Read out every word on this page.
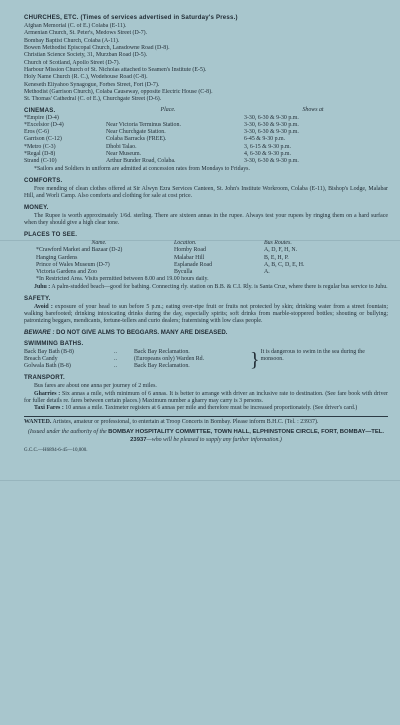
CHURCHES, ETC. (Times of services advertised in Saturday's Press.)
Afghan Memorial (C. of E.) Colaba (E-11).
Armenian Church, St. Peter's, Medows Street (D-7).
Bombay Baptist Church, Colaba (A-11).
Bowen Methodist Episcopal Church, Lansdowne Road (D-8).
Christian Science Society, 31, Murzban Road (D-5).
Church of Scotland, Apollo Street (D-7).
Harbour Mission Church of St. Nicholas attached to Seamen's Institute (E-5).
Holy Name Church (R. C.), Wodehouse Road (C-8).
Keneseth Eliyahoo Synagogue, Forbes Street, Fort (D-7).
Methodist (Garrison Church), Colaba Causeway, opposite Electric House (C-8).
St. Thomas' Cathedral (C. of E.), Churchgate Street (D-6).
CINEMAS.	Place.	Shows at
*Empire (D-4)		3-30, 6-30 & 9-30 p.m.
*Excelsior (D-4)	Near Victoria Terminus Station.	3-30, 6-30 & 9-30 p.m.
Eros (C-6)	Near Churchgate Station.	3-30, 6-30 & 9-30 p.m.
Garrison (C-12)	Colaba Barracks (FREE).	6-45 & 9-30 p.m.
*Metro (C-3)	Dhobi Talao.	3, 6-15 & 9-30 p.m.
*Regal (D-8)	Near Museum.	4, 6-30 & 9-30 p.m.
Strand (C-10)	Arthur Bunder Road, Colaba.	3-30, 6-30 & 9-30 p.m.

*Sailors and Soldiers in uniform are admitted at concession rates from Mondays to Fridays.

COMFORTS.

Free mending of clean clothes offered at Sir Alwyn Ezra Services Canteen, St. John's Institute Workroom, Colaba (E-11), Bishop's Lodge, Malabar Hill, and Worli Camp. Also comforts and clothing for sale at cost price.

MONEY.

The Rupee is worth approximately 1/6d. sterling. There are sixteen annas in the rupee. Always test your rupees by ringing them on a hard surface when they should give a high clear tone.

PLACES TO SEE.
Name.	Location.	Bus Routes.
*Crawford Market and Bazaar (D-2)	Hornby Road	A, D, F, H, N.
Hanging Gardens	Malabar Hill	B, E, H, P.
Prince of Wales Museum (D-7)	Esplanade Road	A, B, C, D, E, H.
Victoria Gardens and Zoo	Byculla	A.
*In Restricted Area. Visits permitted between 8.00 and 19.00 hours daily.

Juhu : A palm-studded beach—good for bathing. Connecting rly. station on B.B. & C.I. Rly. is Santa Cruz, where there is regular bus service to Juhu.

SAFETY.

Avoid : exposure of your head to sun before 5 p.m.; eating over-ripe fruit or fruits not protected by skin; drinking water from a street fountain; walking barefooted; drinking intoxicating drinks during the day, especially spirits; soft drinks from marble-stoppered bottles; shouting or bullying; patronizing beggars, mendicants, fortune-tellers and curio dealers; fraternising with low class people.

BEWARE : DO NOT GIVE ALMS TO BEGGARS. MANY ARE DISEASED.
SWIMMING BATHS.
Back Bay Bath (B-8)	..	Back Bay Reclamation.	}	It is dangerous to swim in the sea during the monsoon.
Breach Candy	..	(Europeans only) Warden Rd.		
Golwala Bath (B-8)	..	Back Bay Reclamation.		
TRANSPORT.

Bus fares are about one anna per journey of 2 miles.

Gharries : Six annas a mile, with minimum of 6 annas. It is better to arrange with driver an inclusive rate to destination. (See fare book with driver for fuller details re. fares between certain places.) Maximum number a gharry may carry is 3 persons.

Taxi Fares : 10 annas a mile. Taximeter registers at 6 annas per mile and therefore must be increased proportionately. (See driver's card.)

WANTED. Artistes, amateur or professional, to entertain at Troop Concerts in Bombay. Please inform B.H.C. (Tel. : 23937).

(Issued under the authority of the BOMBAY HOSPITALITY COMMITTEE, TOWN HALL, ELPHINSTONE CIRCLE, FORT, BOMBAY—TEL. 23937—who will be pleased to supply any further information.)
G.C.C.—H6894-6-45—10,000.
